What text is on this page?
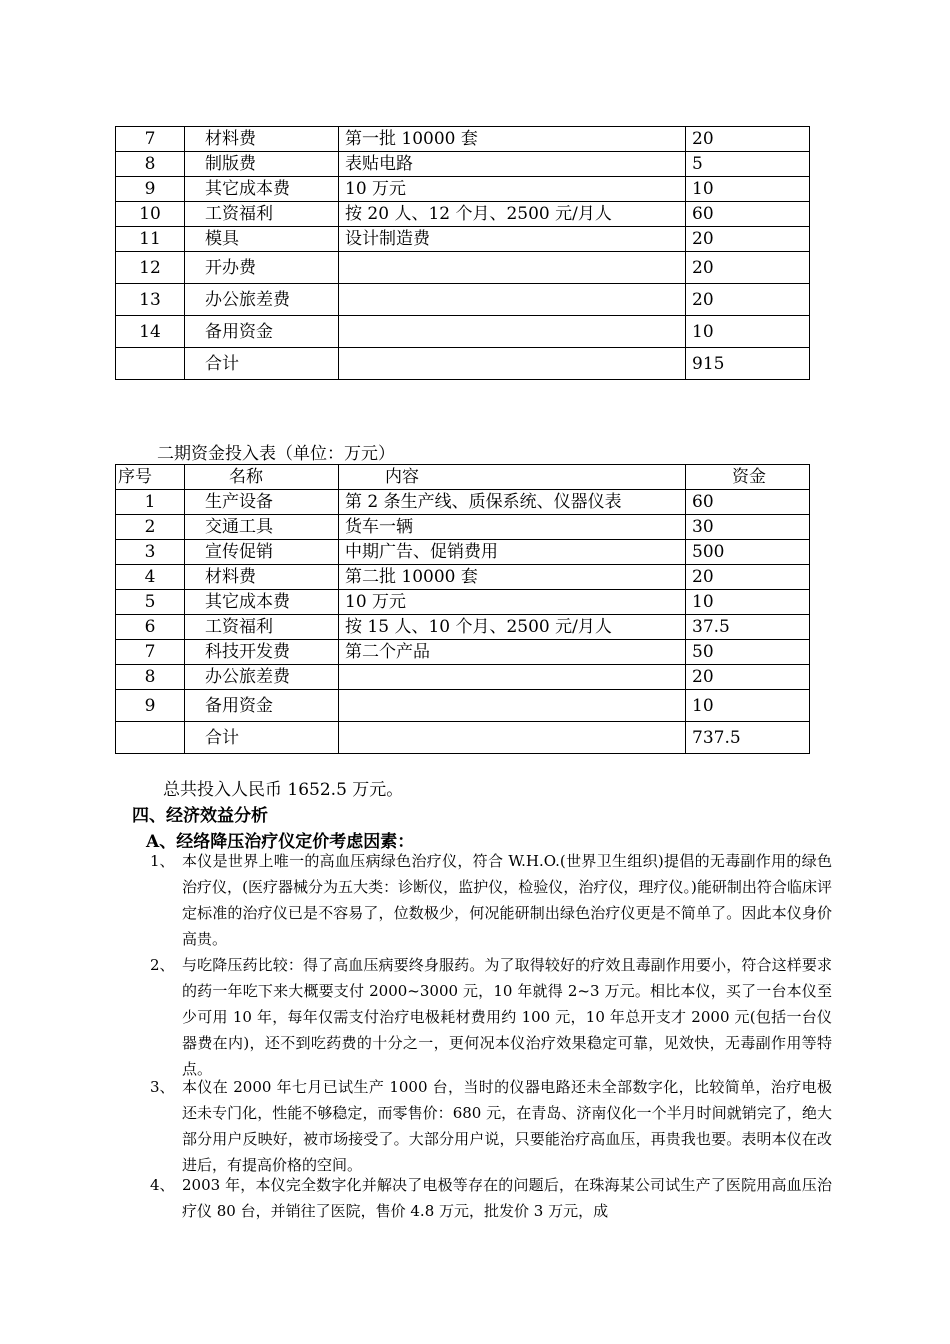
7	材料费	第一批 10000 套	20
8	制版费	表贴电路	5
9	其它成本费	10 万元	10
10	工资福利	按 20 人、12 个月、2500 元/月人	60
11	模具	设计制造费	20
12	开办费		20
13	办公旅差费		20
14	备用资金		10
	合计		915
二期资金投入表（单位：万元）
序号	名称	内容	资金
1	生产设备	第 2 条生产线、质保系统、仪器仪表	60
2	交通工具	货车一辆	30
3	宣传促销	中期广告、促销费用	500
4	材料费	第二批 10000 套	20
5	其它成本费	10 万元	10
6	工资福利	按 15 人、10 个月、2500 元/月人	37.5
7	科技开发费	第二个产品	50
8	办公旅差费		20
9	备用资金		10
	合计		737.5
总共投入人民币 1652.5 万元。
四、经济效益分析
A、经络降压治疗仪定价考虑因素：
1、 本仪是世界上唯一的高血压病绿色治疗仪，符合 W.H.O.(世界卫生组织)提倡的无毒副作用的绿色治疗仪，(医疗器械分为五大类：诊断仪，监护仪，检验仪，治疗仪，理疗仪。)能研制出符合临床评定标准的治疗仪已是不容易了，位数极少，何况能研制出绿色治疗仪更是不简单了。因此本仪身价高贵。
2、 与吃降压药比较：得了高血压病要终身服药。为了取得较好的疗效且毒副作用要小，符合这样要求的药一年吃下来大概要支付 2000~3000 元，10 年就得 2~3 万元。相比本仪，买了一台本仪至少可用 10 年，每年仅需支付治疗电极耗材费用约 100 元，10 年总开支才 2000 元(包括一台仪器费在内)，还不到吃药费的十分之一，更何况本仪治疗效果稳定可靠，见效快，无毒副作用等特点。
3、 本仪在 2000 年七月已试生产 1000 台，当时的仪器电路还未全部数字化，比较简单，治疗电极还未专门化，性能不够稳定，而零售价：680 元，在青岛、济南仪化一个半月时间就销完了，绝大部分用户反映好，被市场接受了。大部分用户说，只要能治疗高血压，再贵我也要。表明本仪在改进后，有提高价格的空间。
4、 2003 年，本仪完全数字化并解决了电极等存在的问题后，在珠海某公司试生产了医院用高血压治疗仪 80 台，并销往了医院，售价 4.8 万元，批发价 3 万元，成
